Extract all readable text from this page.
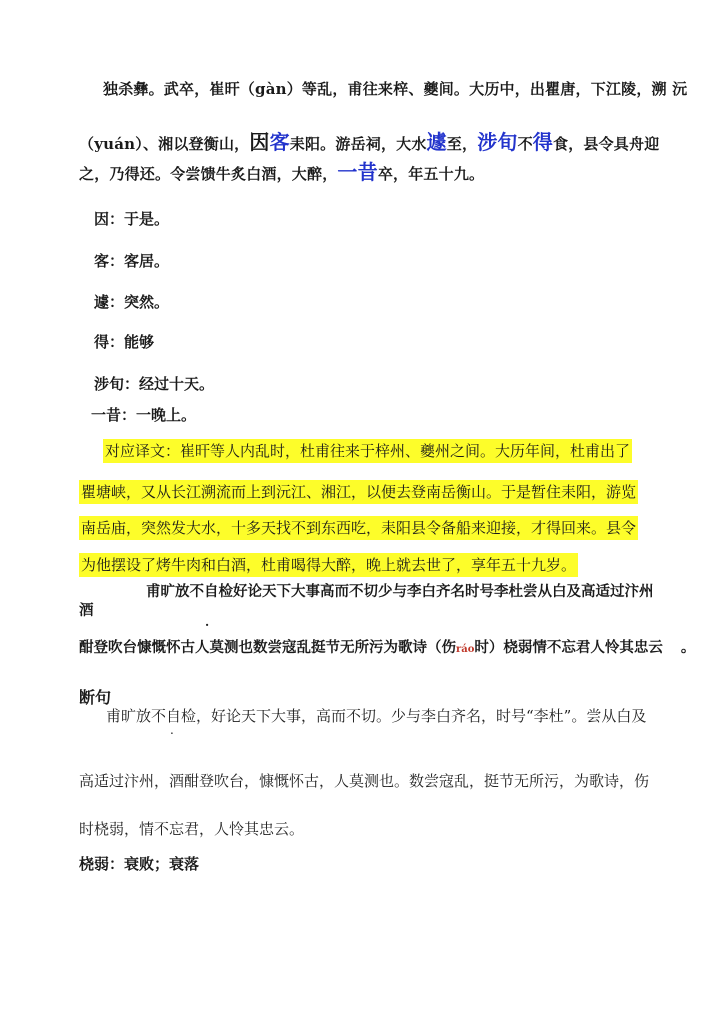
独杀彝。武卒，崔旰（gàn）等乱，甫往来梓、夔间。大历中，出瞿唐，下江陵，溯 沅
（yuán）、湘以登衡山，因客耒阳。游岳祠，大水遽至，涉旬不得食，县令具舟迎
之，乃得还。令尝馈牛炙白酒，大醉，一昔卒，年五十九。
因：于是。
客：客居。
遽：突然。
得：能够
涉旬：经过十天。
一昔：一晚上。
对应译文：崔旰等人内乱时，杜甫往来于梓州、夔州之间。大历年间，杜甫出了
瞿塘峡，又从长江溯流而上到沅江、湘江，以便去登南岳衡山。于是暂住耒阳，游览
南岳庙，突然发大水，十多天找不到东西吃，耒阳县令备船来迎接，才得回来。县令
为他摆设了烤牛肉和白酒，杜甫喝得大醉，晚上就去世了，享年五十九岁。
甫旷放不自检好论天下大事高而不切少与李白齐名时号李杜尝从白及高适过汴州
酒
.
酣登吹台慷慨怀古人莫测也数尝寇乱挺节无所污为歌诗（伤ráo时）桡弱情不忘君人怜其忠云 。
断句
甫旷放不自检，好论天下大事，高而不切。少与李白齐名，时号“李杜”。尝从白及
.
高适过汴州，酒酣登吹台，慷慨怀古，人莫测也。数尝寇乱，挺节无所污，为歌诗，伤
时桡弱，情不忘君，人怜其忠云。
桡弱：衰败；衰落
